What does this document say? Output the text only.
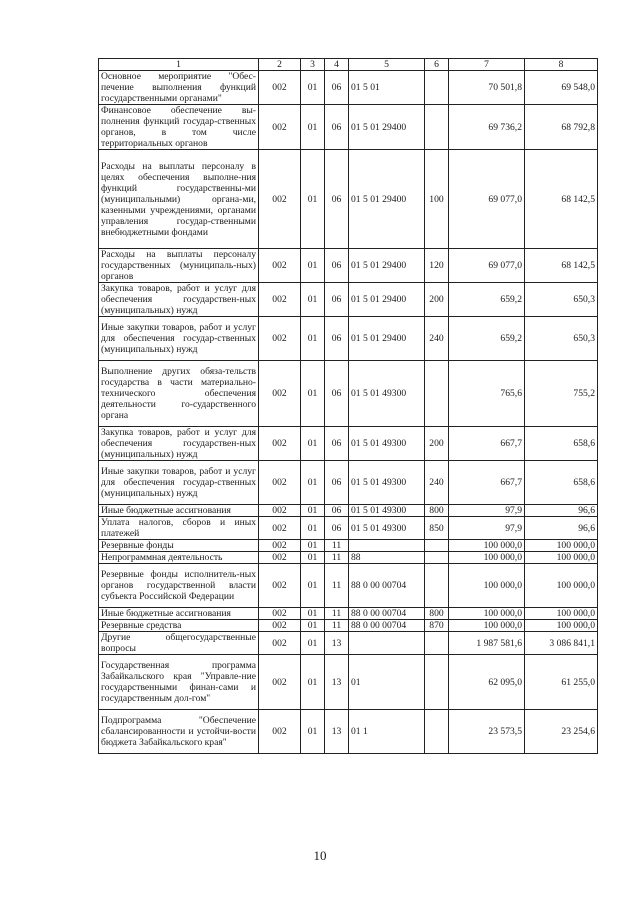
1	2	3	4	5	6	7	8
Основное мероприятие "Обес-печение выполнения функций государственными органами"	002	01	06	01 5 01		70 501,8	69 548,0
Финансовое обеспечение вы-полнения функций государ-ственных органов, в том числе территориальных органов	002	01	06	01 5 01 29400		69 736,2	68 792,8
Расходы на выплаты персоналу в целях обеспечения выполне-ния функций государственны-ми (муниципальными) органа-ми, казенными учреждениями, органами управления государ-ственными внебюджетными фондами	002	01	06	01 5 01 29400	100	69 077,0	68 142,5
Расходы на выплаты персоналу государственных (муниципаль-ных) органов	002	01	06	01 5 01 29400	120	69 077,0	68 142,5
Закупка товаров, работ и услуг для обеспечения государствен-ных (муниципальных) нужд	002	01	06	01 5 01 29400	200	659,2	650,3
Иные закупки товаров, работ и услуг для обеспечения государ-ственных (муниципальных) нужд	002	01	06	01 5 01 29400	240	659,2	650,3
Выполнение других обяза-тельств государства в части материально-технического обеспечения деятельности го-сударственного органа	002	01	06	01 5 01 49300		765,6	755,2
Закупка товаров, работ и услуг для обеспечения государствен-ных (муниципальных) нужд	002	01	06	01 5 01 49300	200	667,7	658,6
Иные закупки товаров, работ и услуг для обеспечения государ-ственных (муниципальных) нужд	002	01	06	01 5 01 49300	240	667,7	658,6
Иные бюджетные ассигнования	002	01	06	01 5 01 49300	800	97,9	96,6
Уплата налогов, сборов и иных платежей	002	01	06	01 5 01 49300	850	97,9	96,6
Резервные фонды	002	01	11			100 000,0	100 000,0
Непрограммная деятельность	002	01	11	88		100 000,0	100 000,0
Резервные фонды исполнитель-ных органов государственной власти субъекта Российской Федерации	002	01	11	88 0 00 00704		100 000,0	100 000,0
Иные бюджетные ассигнования	002	01	11	88 0 00 00704	800	100 000,0	100 000,0
Резервные средства	002	01	11	88 0 00 00704	870	100 000,0	100 000,0
Другие общегосударственные вопросы	002	01	13			1 987 581,6	3 086 841,1
Государственная программа Забайкальского края "Управле-ние государственными финан-сами и государственным дол-гом"	002	01	13	01		62 095,0	61 255,0
Подпрограмма "Обеспечение сбалансированности и устойчи-вости бюджета Забайкальского края"	002	01	13	01 1		23 573,5	23 254,6
10
